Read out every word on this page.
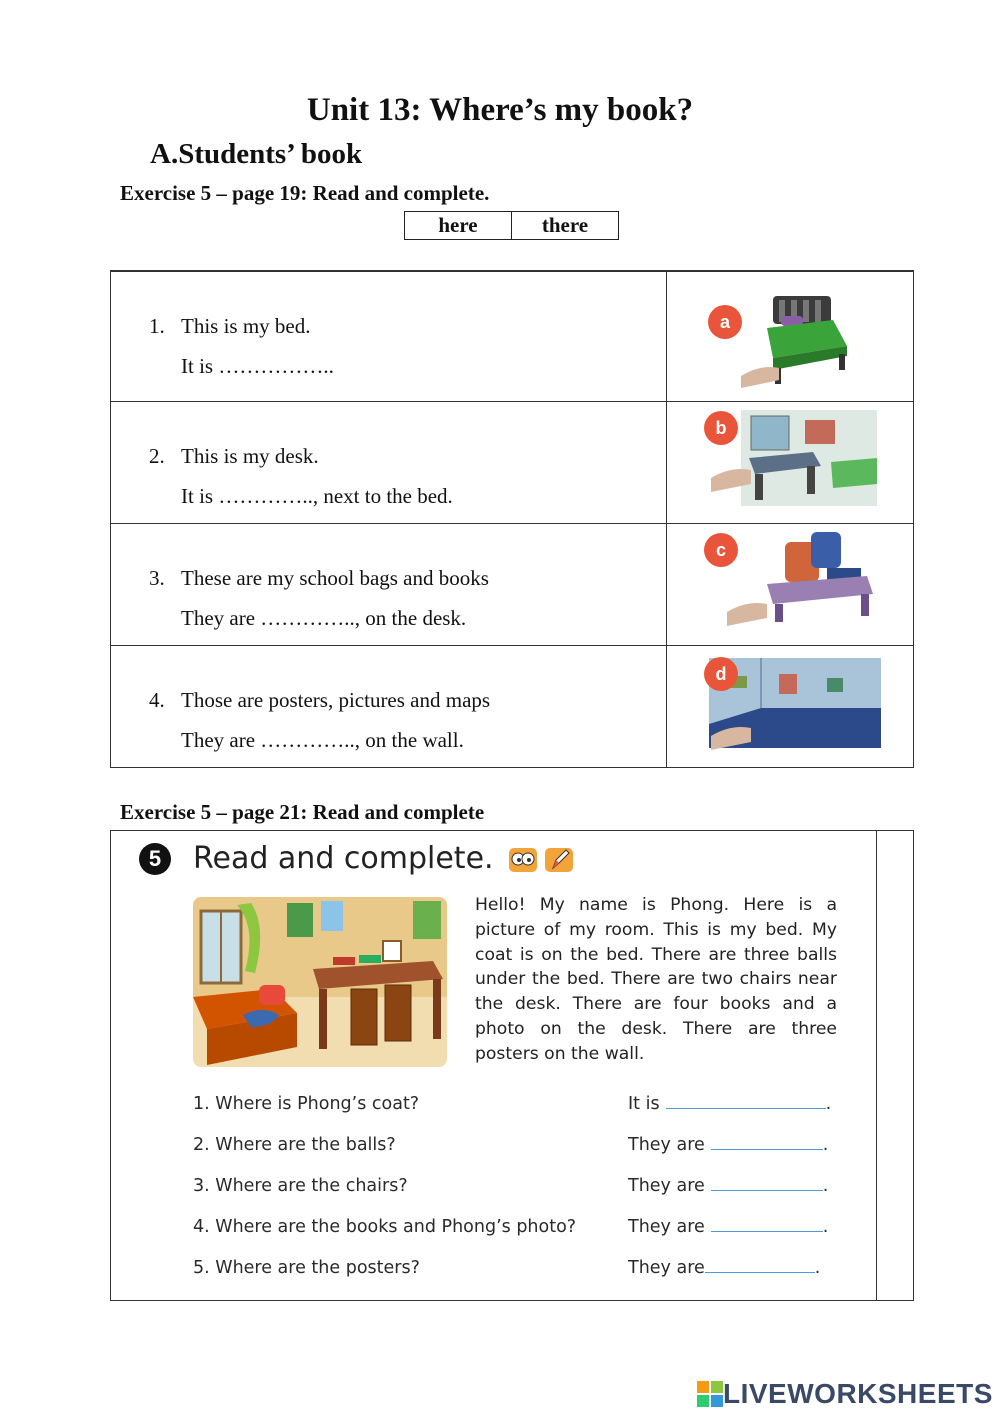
Unit 13: Where’s my book?
A.Students’ book
Exercise 5 – page 19: Read and complete.
here	there
1. This is my bed.
It is ……………..
a
2. This is my desk.
It is ………….., next to the bed.
b
3. These are my school bags and books
They are ………….., on the desk.
c
4. Those are posters, pictures and maps
They are ………….., on the wall.
d
Exercise 5 – page 21: Read and complete
5	Read and complete.
Hello! My name is Phong. Here is a picture of my room. This is my bed. My coat is on the bed. There are three balls under the bed. There are two chairs near the desk. There are four books and a photo on the desk. There are three posters on the wall.
1. Where is Phong’s coat?	It is	.
2. Where are the balls?	They are	.
3. Where are the chairs?	They are	.
4. Where are the books and Phong’s photo?	They are	.
5. Where are the posters?	They are	.
LIVEWORKSHEETS
